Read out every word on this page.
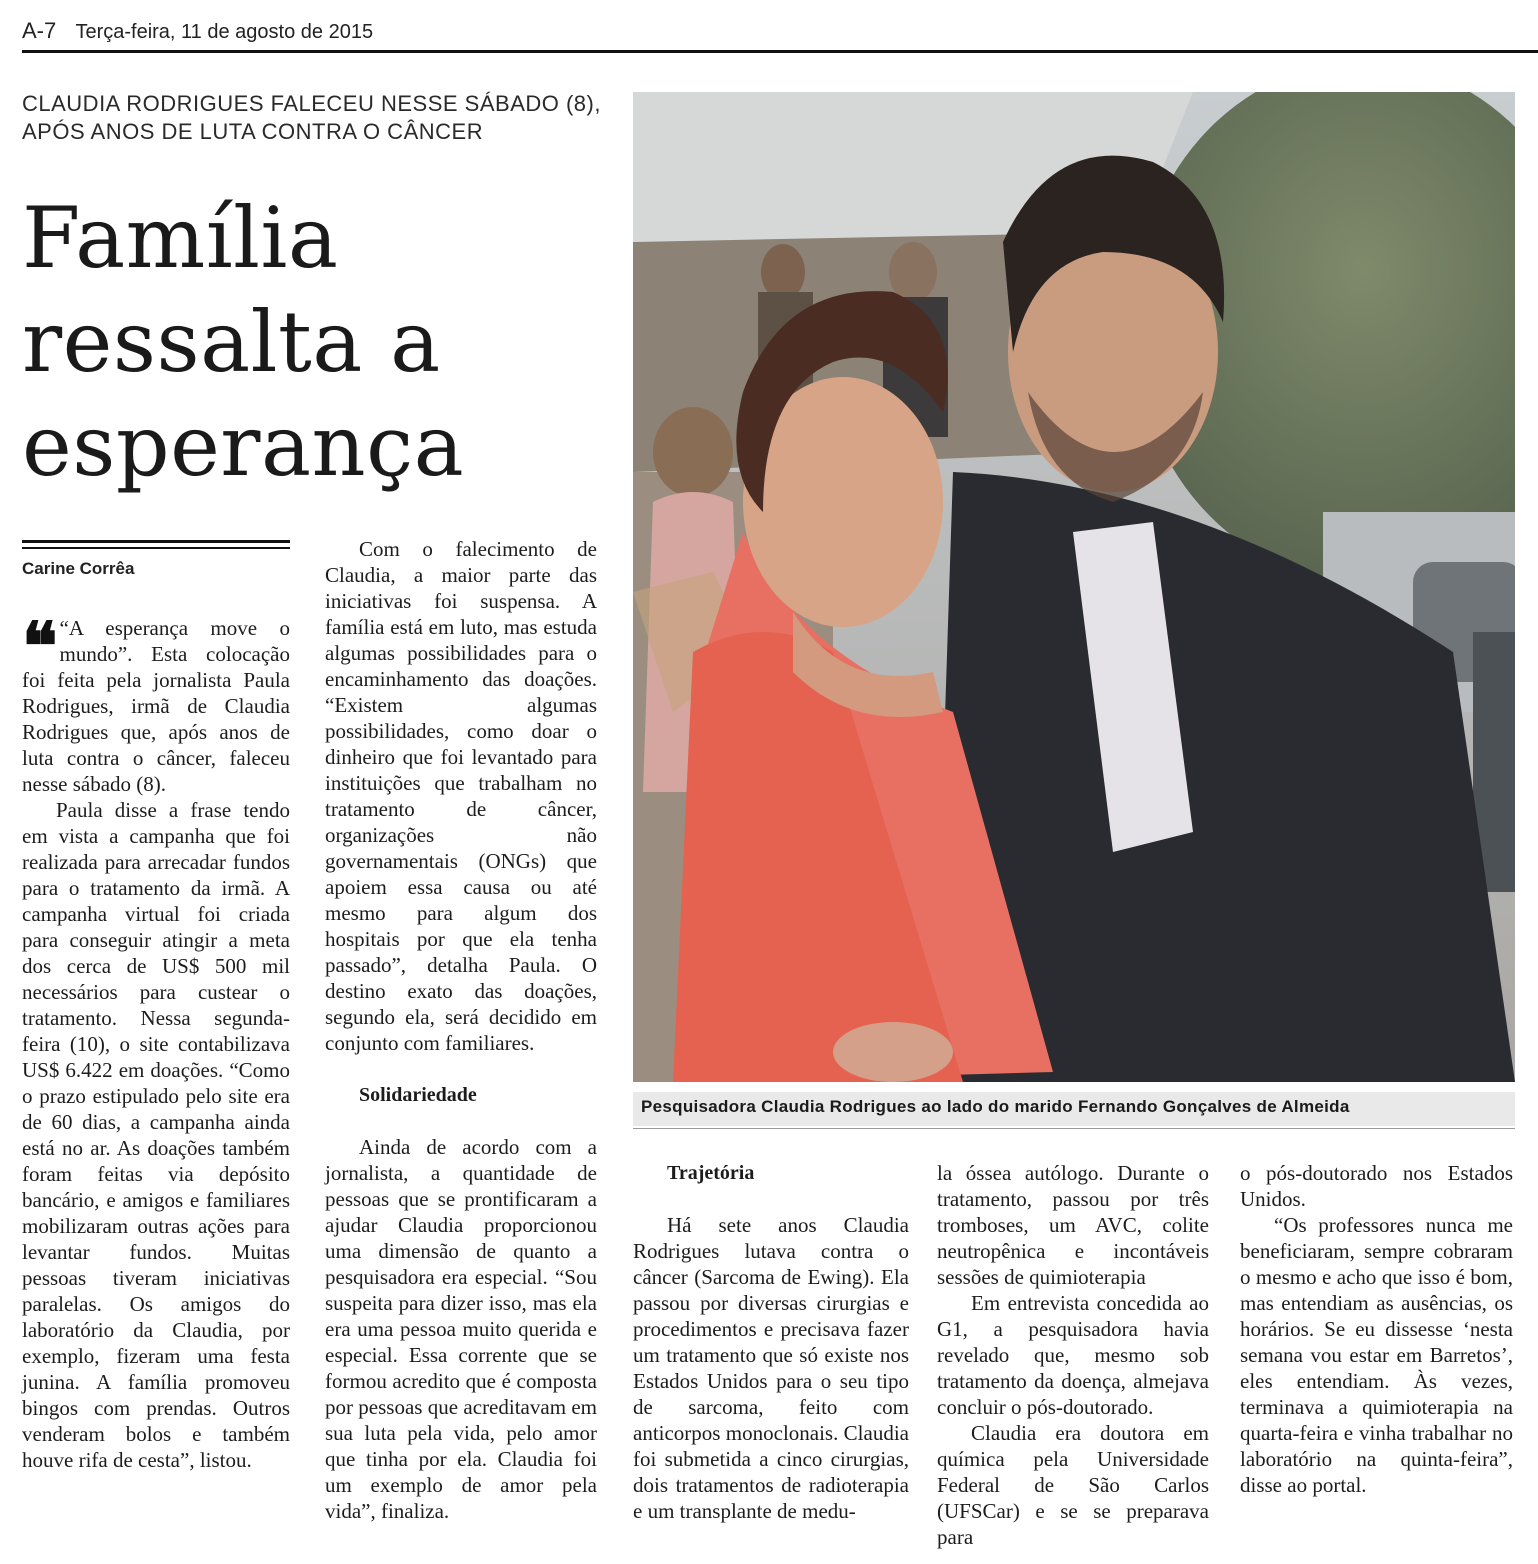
A-7 Terça-feira, 11 de agosto de 2015
CLAUDIA RODRIGUES FALECEU NESSE SÁBADO (8),
APÓS ANOS DE LUTA CONTRA O CÂNCER
Família
ressalta a
esperança
Carine Corrêa

❝ “A esperança move o mundo”. Esta colocação foi feita pela jornalista Paula Rodrigues, irmã de Claudia Rodrigues que, após anos de luta contra o câncer, faleceu nesse sábado (8).

Paula disse a frase tendo em vista a campanha que foi realizada para arrecadar fundos para o tratamento da irmã. A campanha virtual foi criada para conseguir atingir a meta dos cerca de US$ 500 mil necessários para custear o tratamento. Nessa segunda-feira (10), o site contabilizava US$ 6.422 em doações. “Como o prazo estipulado pelo site era de 60 dias, a campanha ainda está no ar. As doações também foram feitas via depósito bancário, e amigos e familiares mobilizaram outras ações para levantar fundos. Muitas pessoas tiveram iniciativas paralelas. Os amigos do laboratório da Claudia, por exemplo, fizeram uma festa junina. A família promoveu bingos com prendas. Outros venderam bolos e também houve rifa de cesta”, listou.

Com o falecimento de Claudia, a maior parte das iniciativas foi suspensa. A família está em luto, mas estuda algumas possibilidades para o encaminhamento das doações. “Existem algumas possibilidades, como doar o dinheiro que foi levantado para instituições que trabalham no tratamento de câncer, organizações não governamentais (ONGs) que apoiem essa causa ou até mesmo para algum dos hospitais por que ela tenha passado”, detalha Paula. O destino exato das doações, segundo ela, será decidido em conjunto com familiares.

Solidariedade

Ainda de acordo com a jornalista, a quantidade de pessoas que se prontificaram a ajudar Claudia proporcionou uma dimensão de quanto a pesquisadora era especial. “Sou suspeita para dizer isso, mas ela era uma pessoa muito querida e especial. Essa corrente que se formou acredito que é composta por pessoas que acreditavam em sua luta pela vida, pelo amor que tinha por ela. Claudia foi um exemplo de amor pela vida”, finaliza.

Pesquisadora Claudia Rodrigues ao lado do marido Fernando Gonçalves de Almeida
Trajetória

Há sete anos Claudia Rodrigues lutava contra o câncer (Sarcoma de Ewing). Ela passou por diversas cirurgias e procedimentos e precisava fazer um tratamento que só existe nos Estados Unidos para o seu tipo de sarcoma, feito com anticorpos monoclonais. Claudia foi submetida a cinco cirurgias, dois tratamentos de radioterapia e um transplante de medu-

la óssea autólogo. Durante o tratamento, passou por três tromboses, um AVC, colite neutropênica e incontáveis sessões de quimioterapia

Em entrevista concedida ao G1, a pesquisadora havia revelado que, mesmo sob tratamento da doença, almejava concluir o pós-doutorado.

Claudia era doutora em química pela Universidade Federal de São Carlos (UFSCar) e se se preparava para

o pós-doutorado nos Estados Unidos.

“Os professores nunca me beneficiaram, sempre cobraram o mesmo e acho que isso é bom, mas entendiam as ausências, os horários. Se eu dissesse ‘nesta semana vou estar em Barretos’, eles entendiam. Às vezes, terminava a quimioterapia na quarta-feira e vinha trabalhar no laboratório na quinta-feira”, disse ao portal.
